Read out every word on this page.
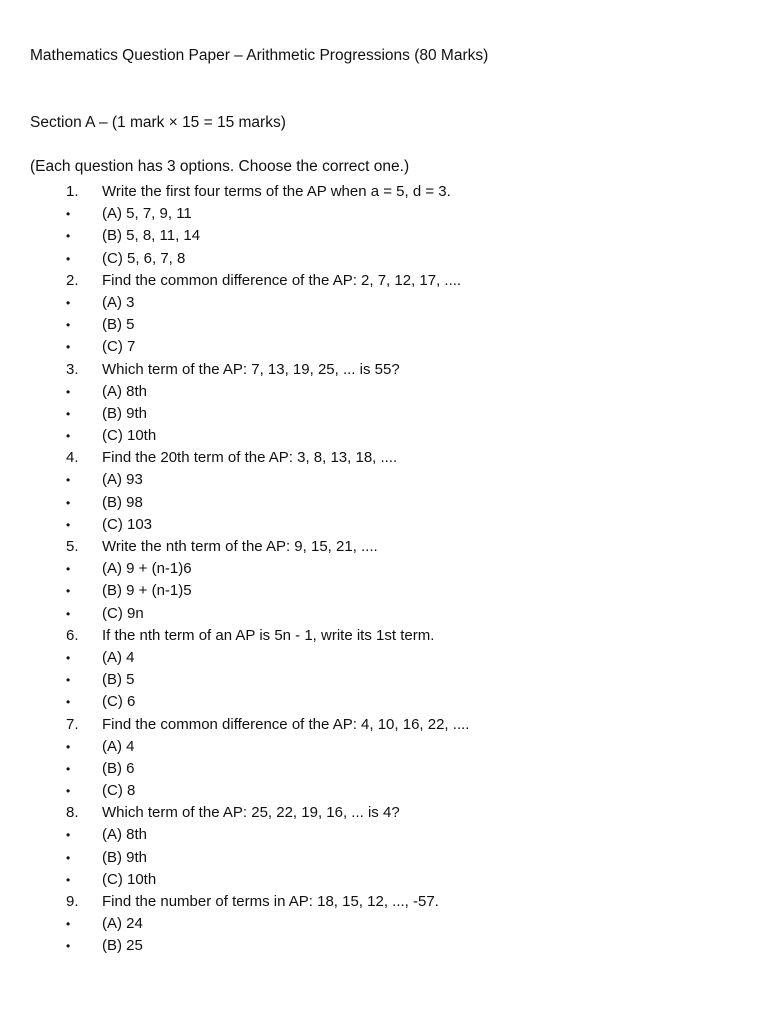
Mathematics Question Paper – Arithmetic Progressions (80 Marks)
Section A – (1 mark × 15 = 15 marks)
(Each question has 3 options. Choose the correct one.)
1.	Write the first four terms of the AP when a = 5, d = 3.
•	(A) 5, 7, 9, 11
•	(B) 5, 8, 11, 14
•	(C) 5, 6, 7, 8
2.	Find the common difference of the AP: 2, 7, 12, 17, ....
•	(A) 3
•	(B) 5
•	(C) 7
3.	Which term of the AP: 7, 13, 19, 25, ... is 55?
•	(A) 8th
•	(B) 9th
•	(C) 10th
4.	Find the 20th term of the AP: 3, 8, 13, 18, ....
•	(A) 93
•	(B) 98
•	(C) 103
5.	Write the nth term of the AP: 9, 15, 21, ....
•	(A) 9 + (n-1)6
•	(B) 9 + (n-1)5
•	(C) 9n
6.	If the nth term of an AP is 5n - 1, write its 1st term.
•	(A) 4
•	(B) 5
•	(C) 6
7.	Find the common difference of the AP: 4, 10, 16, 22, ....
•	(A) 4
•	(B) 6
•	(C) 8
8.	Which term of the AP: 25, 22, 19, 16, ... is 4?
•	(A) 8th
•	(B) 9th
•	(C) 10th
9.	Find the number of terms in AP: 18, 15, 12, ..., -57.
•	(A) 24
•	(B) 25
